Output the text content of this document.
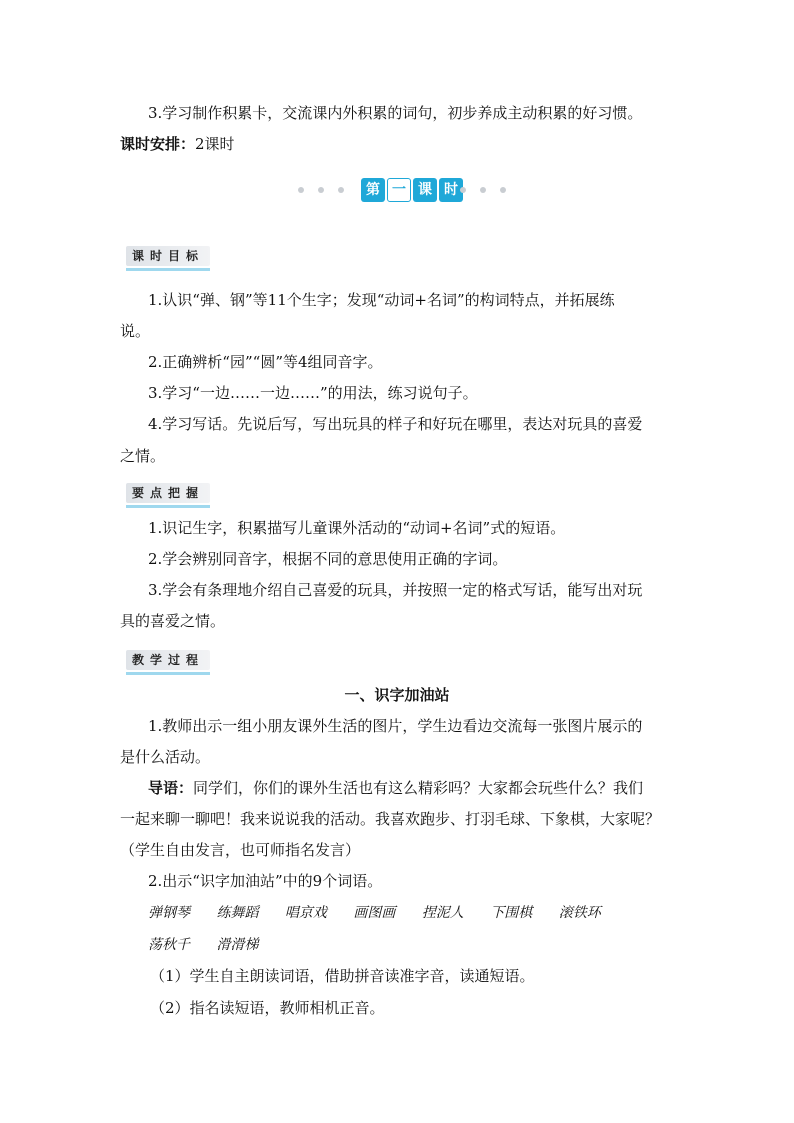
3.学习制作积累卡，交流课内外积累的词句，初步养成主动积累的好习惯。
课时安排：2课时
第 一 课 时
课时目标
1.认识“弹、钢”等11个生字；发现“动词+名词”的构词特点，并拓展练
说。
2.正确辨析“园”“圆”等4组同音字。
3.学习“一边……一边……”的用法，练习说句子。
4.学习写话。先说后写，写出玩具的样子和好玩在哪里，表达对玩具的喜爱
之情。
要点把握
1.识记生字，积累描写儿童课外活动的“动词+名词”式的短语。
2.学会辨别同音字，根据不同的意思使用正确的字词。
3.学会有条理地介绍自己喜爱的玩具，并按照一定的格式写话，能写出对玩
具的喜爱之情。
教学过程
一、识字加油站
1.教师出示一组小朋友课外生活的图片，学生边看边交流每一张图片展示的
是什么活动。
导语：同学们，你们的课外生活也有这么精彩吗？大家都会玩些什么？我们
一起来聊一聊吧！我来说说我的活动。我喜欢跑步、打羽毛球、下象棋，大家呢？
（学生自由发言，也可师指名发言）
2.出示“识字加油站”中的9个词语。
弹钢琴 练舞蹈 唱京戏 画图画 捏泥人 下围棋 滚铁环
荡秋千 滑滑梯
（1）学生自主朗读词语，借助拼音读准字音，读通短语。
（2）指名读短语，教师相机正音。
